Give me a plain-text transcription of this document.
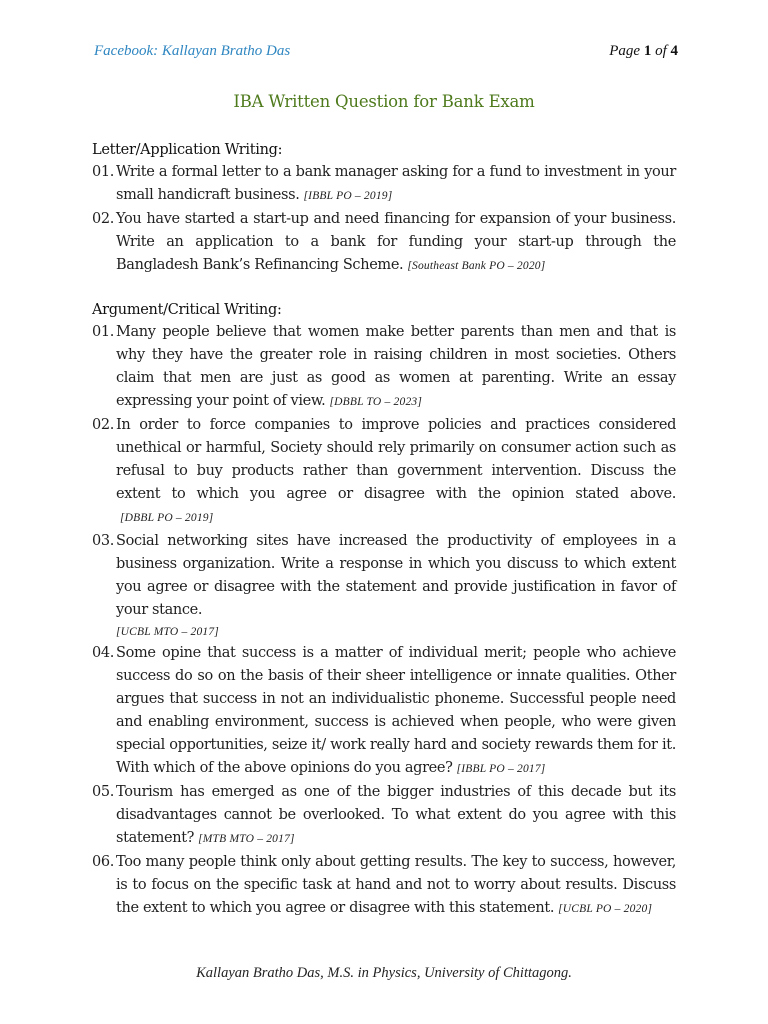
Facebook: Kallayan Bratho Das	Page 1 of 4
IBA Written Question for Bank Exam
Letter/Application Writing:
01. Write a formal letter to a bank manager asking for a fund to investment in your small handicraft business. [IBBL PO – 2019]
02. You have started a start-up and need financing for expansion of your business. Write an application to a bank for funding your start-up through the Bangladesh Bank’s Refinancing Scheme. [Southeast Bank PO – 2020]
Argument/Critical Writing:
01. Many people believe that women make better parents than men and that is why they have the greater role in raising children in most societies. Others claim that men are just as good as women at parenting. Write an essay expressing your point of view. [DBBL TO – 2023]
02. In order to force companies to improve policies and practices considered unethical or harmful, Society should rely primarily on consumer action such as refusal to buy products rather than government intervention. Discuss the extent to which you agree or disagree with the opinion stated above.[DBBL PO – 2019]
03. Social networking sites have increased the productivity of employees in a business organization. Write a response in which you discuss to which extent you agree or disagree with the statement and provide justification in favor of your stance.
[UCBL MTO – 2017]
04. Some opine that success is a matter of individual merit; people who achieve success do so on the basis of their sheer intelligence or innate qualities. Other argues that success in not an individualistic phoneme. Successful people need and enabling environment, success is achieved when people, who were given special opportunities, seize it/ work really hard and society rewards them for it. With which of the above opinions do you agree? [IBBL PO – 2017]
05. Tourism has emerged as one of the bigger industries of this decade but its disadvantages cannot be overlooked. To what extent do you agree with this statement? [MTB MTO – 2017]
06. Too many people think only about getting results. The key to success, however, is to focus on the specific task at hand and not to worry about results. Discuss the extent to which you agree or disagree with this statement. [UCBL PO – 2020]
Kallayan Bratho Das, M.S. in Physics, University of Chittagong.
